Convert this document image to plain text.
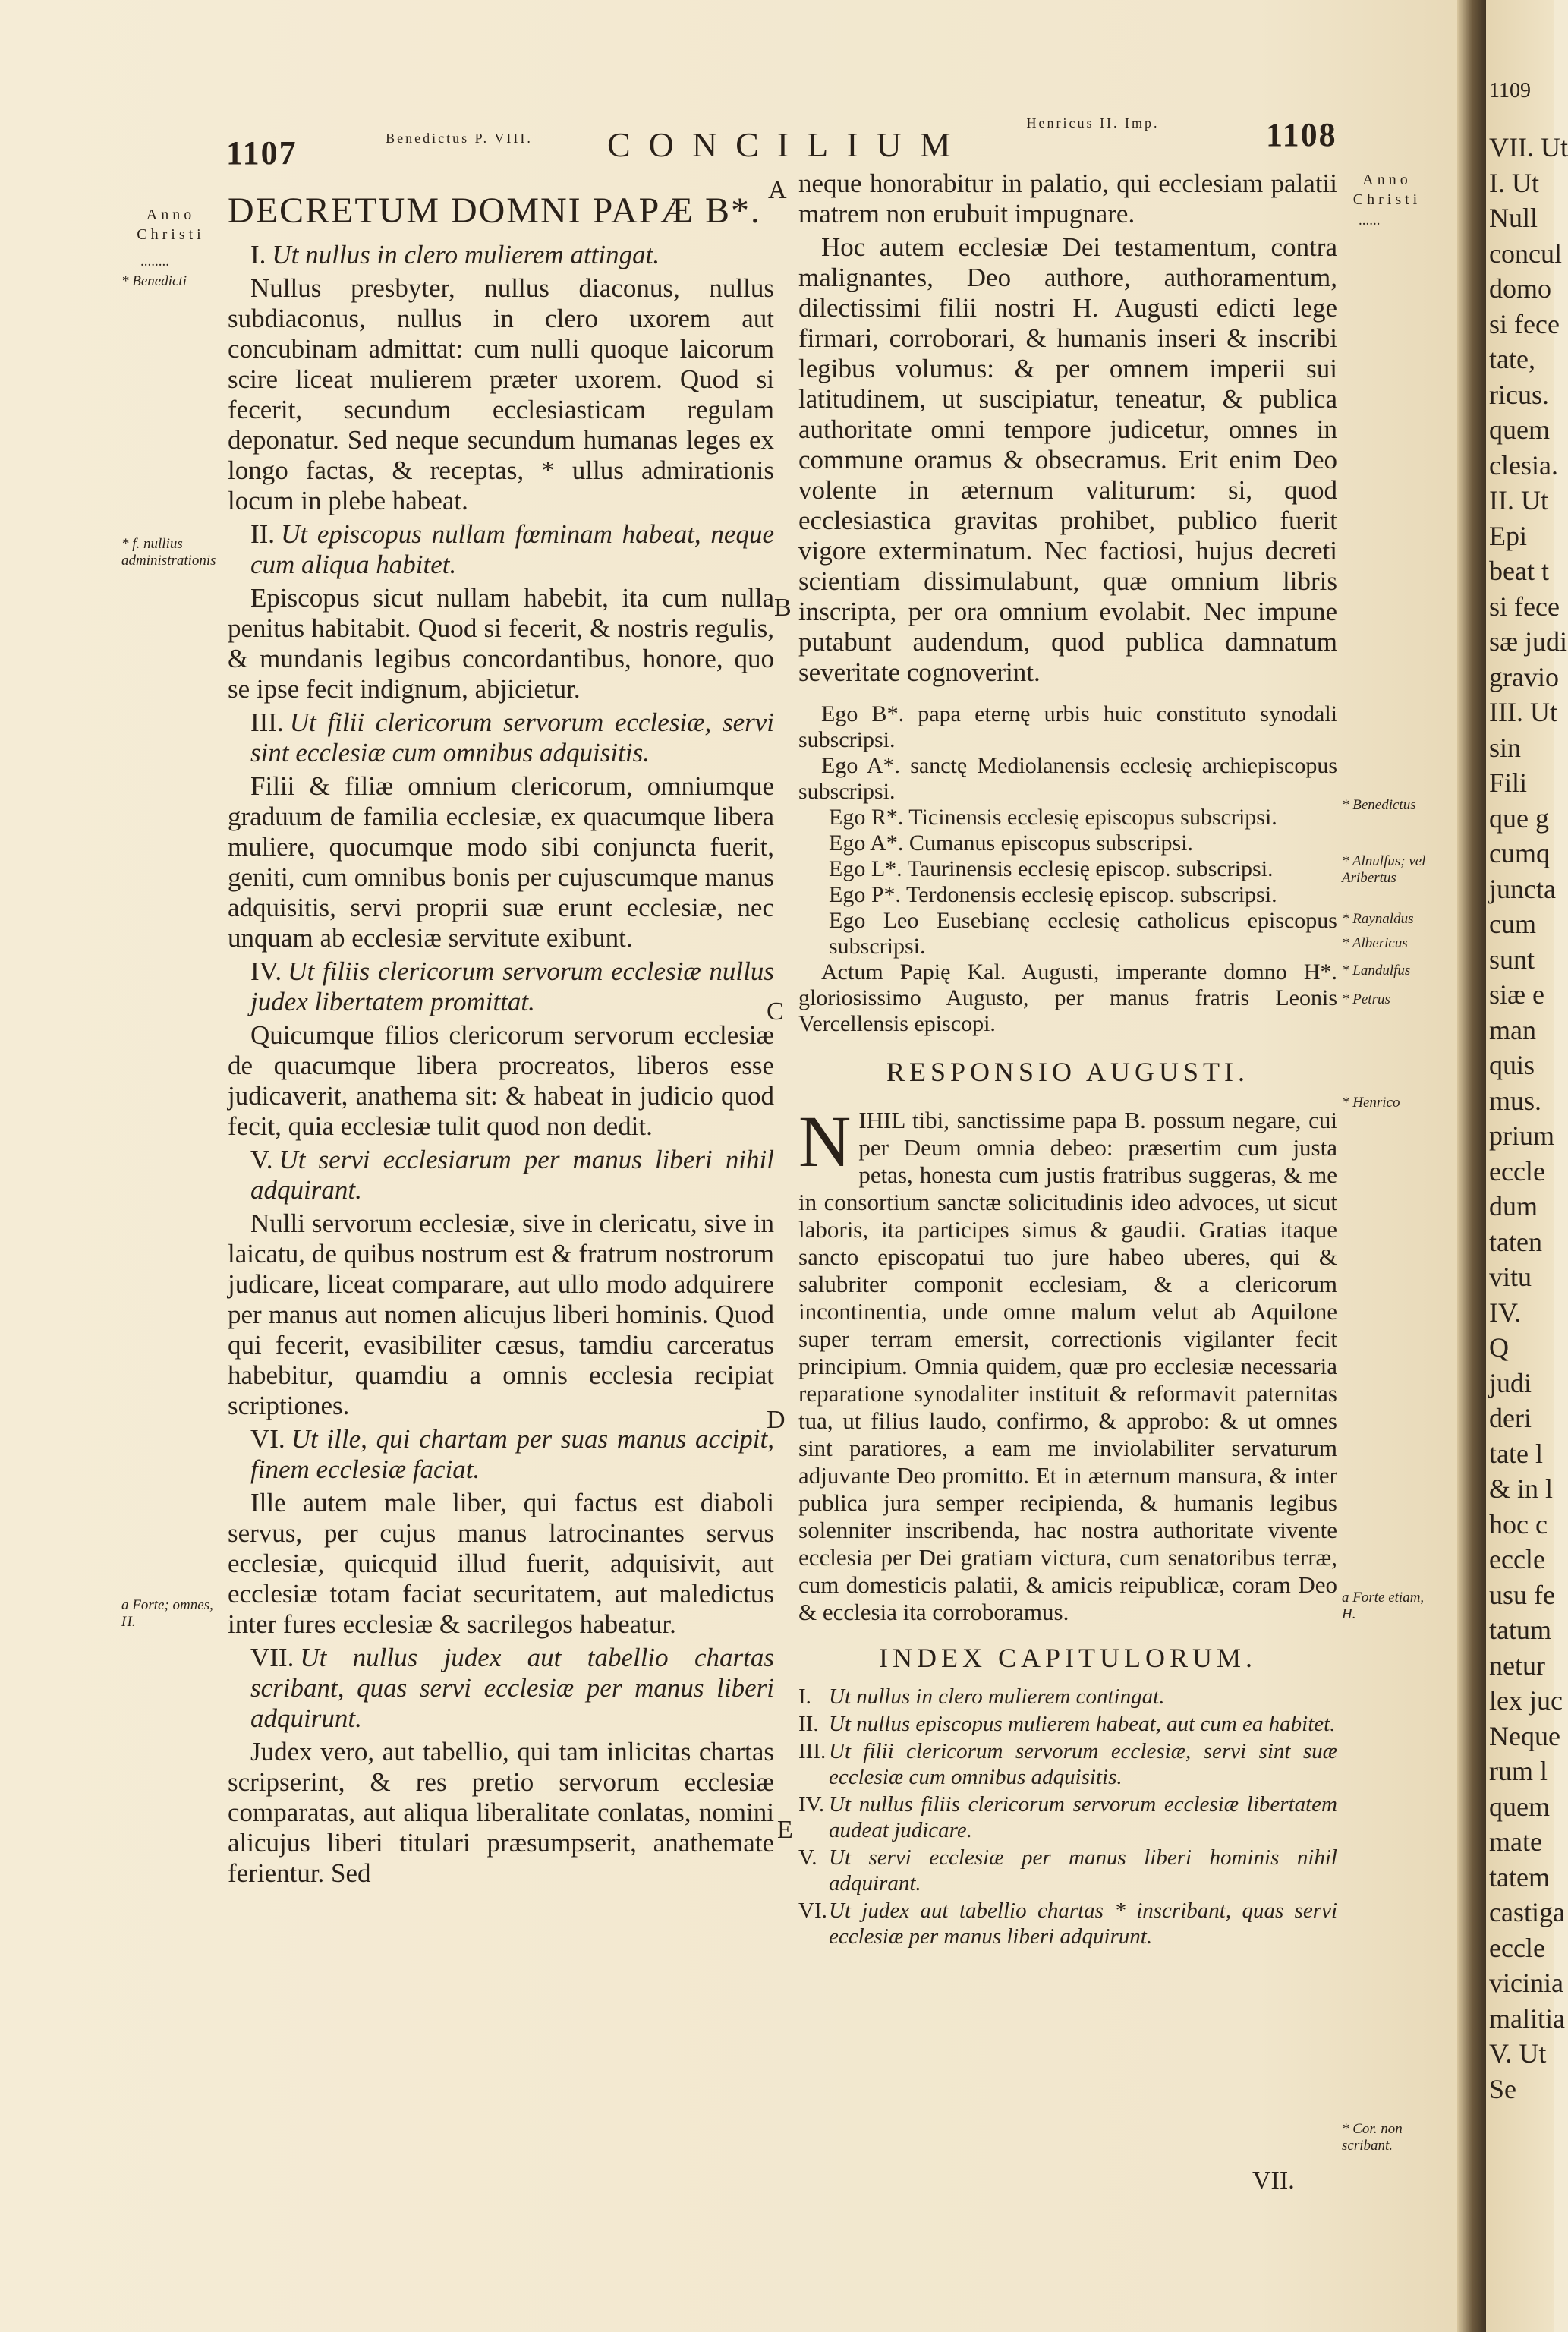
1107	Benedictus P. VIII. CONCILIUM
Henricus II. Imp.	1108
Anno Christi
........
* Benedicti
* f. nullius administrationis
a Forte; omnes, H.

DECRETUM DOMNI PAPÆ B*.

I. Ut nullus in clero mulierem attingat.

Nullus presbyter, nullus diaconus, nullus subdiaconus, nullus in clero uxorem aut concubinam admittat: cum nulli quoque laicorum scire liceat mulierem præter uxorem. Quod si fecerit, secundum ecclesiasticam regulam deponatur. Sed neque secundum humanas leges ex longo factas, & receptas, * ullus admirationis locum in plebe habeat.

II. Ut episcopus nullam fœminam habeat, neque cum aliqua habitet.

Episcopus sicut nullam habebit, ita cum nulla penitus habitabit. Quod si fecerit, & nostris regulis, & mundanis legibus concordantibus, honore, quo se ipse fecit indignum, abjicietur.

III. Ut filii clericorum servorum ecclesiæ, servi sint ecclesiæ cum omnibus adquisitis.

Filii & filiæ omnium clericorum, omniumque graduum de familia ecclesiæ, ex quacumque libera muliere, quocumque modo sibi conjuncta fuerit, geniti, cum omnibus bonis per cujuscumque manus adquisitis, servi proprii suæ erunt ecclesiæ, nec unquam ab ecclesiæ servitute exibunt.

IV. Ut filiis clericorum servorum ecclesiæ nullus judex libertatem promittat.

Quicumque filios clericorum servorum ecclesiæ de quacumque libera procreatos, liberos esse judicaverit, anathema sit: & habeat in judicio quod fecit, quia ecclesiæ tulit quod non dedit.

V. Ut servi ecclesiarum per manus liberi nihil adquirant.

Nulli servorum ecclesiæ, sive in clericatu, sive in laicatu, de quibus nostrum est & fratrum nostrorum judicare, liceat comparare, aut ullo modo adquirere per manus aut nomen alicujus liberi hominis. Quod qui fecerit, evasibiliter cæsus, tamdiu carceratus habebitur, quamdiu a omnis ecclesia recipiat scriptiones.

VI. Ut ille, qui chartam per suas manus accipit, finem ecclesiæ faciat.

Ille autem male liber, qui factus est diaboli servus, per cujus manus latrocinantes servus ecclesiæ, quicquid illud fuerit, adquisivit, aut ecclesiæ totam faciat securitatem, aut maledictus inter fures ecclesiæ & sacrilegos habeatur.

VII. Ut nullus judex aut tabellio chartas scribant, quas servi ecclesiæ per manus liberi adquirunt.

Judex vero, aut tabellio, qui tam inlicitas chartas scripserint, & res pretio servorum ecclesiæ comparatas, aut aliqua liberalitate conlatas, nomini alicujus liberi titulari præsumpserit, anathemate ferientur. Sed

A
B
C
D
E

neque honorabitur in palatio, qui ecclesiam palatii matrem non erubuit impugnare.

Hoc autem ecclesiæ Dei testamentum, contra malignantes, Deo authore, authoramentum, dilectissimi filii nostri H. Augusti edicti lege firmari, corroborari, & humanis inseri & inscribi legibus volumus: & per omnem imperii sui latitudinem, ut suscipiatur, teneatur, & publica authoritate omni tempore judicetur, omnes in commune oramus & obsecramus. Erit enim Deo volente in æternum valiturum: si, quod ecclesiastica gravitas prohibet, publico fuerit vigore exterminatum. Nec factiosi, hujus decreti scientiam dissimulabunt, quæ omnium libris inscripta, per ora omnium evolabit. Nec impune putabunt audendum, quod publica damnatum severitate cognoverint.

Ego B*. papa eternę urbis huic constituto synodali subscripsi.

Ego A*. sanctę Mediolanensis ecclesię archiepiscopus subscripsi.

Ego R*. Ticinensis ecclesię episcopus subscripsi.

Ego A*. Cumanus episcopus subscripsi.

Ego L*. Taurinensis ecclesię episcop. subscripsi.

Ego P*. Terdonensis ecclesię episcop. subscripsi.

Ego Leo Eusebianę ecclesię catholicus episcopus subscripsi.

Actum Papię Kal. Augusti, imperante domno H*. gloriosissimo Augusto, per manus fratris Leonis Vercellensis episcopi.

RESPONSIO AUGUSTI.

NIHIL tibi, sanctissime papa B. possum negare, cui per Deum omnia debeo: præsertim cum justa petas, honesta cum justis fratribus suggeras, & me in consortium sanctæ solicitudinis ideo advoces, ut sicut laboris, ita participes simus & gaudii. Gratias itaque sancto episcopatui tuo jure habeo uberes, qui & salubriter componit ecclesiam, & a clericorum incontinentia, unde omne malum velut ab Aquilone super terram emersit, correctionis vigilanter fecit principium. Omnia quidem, quæ pro ecclesiæ necessaria reparatione synodaliter instituit & reformavit paternitas tua, ut filius laudo, confirmo, & approbo: & ut omnes sint paratiores, a eam me inviolabiliter servaturum adjuvante Deo promitto. Et in æternum mansura, & inter publica jura semper recipienda, & humanis legibus solenniter inscribenda, hac nostra authoritate vivente ecclesia per Dei gratiam victura, cum senatoribus terræ, cum domesticis palatii, & amicis reipublicæ, coram Deo & ecclesia ita corroboramus.

INDEX CAPITULORUM.

I. Ut nullus in clero mulierem contingat.

II. Ut nullus episcopus mulierem habeat, aut cum ea habitet.

III. Ut filii clericorum servorum ecclesiæ, servi sint suæ ecclesiæ cum omnibus adquisitis.

IV. Ut nullus filiis clericorum servorum ecclesiæ libertatem audeat judicare.

V. Ut servi ecclesiæ per manus liberi hominis nihil adquirant.

VI.Ut judex aut tabellio chartas * inscribant, quas servi ecclesiæ per manus liberi adquirunt.

VII.
Anno Christi
......
* Benedictus
* Alnulfus; vel Aribertus
* Raynaldus
* Albericus
* Landulfus
* Petrus
* Henrico
a Forte etiam, H.
* Cor. non scribant.
1109
VII. Ut
I. Ut
Null
concul
domo
si fece
tate,
ricus.
quem
clesia.
II. Ut
Epi
beat t
si fece
sæ judi
gravio
III. Ut
sin
Fili
que g
cumq
juncta
cum
sunt
siæ e
man
quis
mus.
prium
eccle
dum
taten
vitu
IV.
Q
judi
deri
tate l
& in l
hoc c
eccle
usu fe
tatum
netur
lex juc
Neque
rum l
quem
mate
tatem
castiga
eccle
vicinia
malitia
V. Ut
Se
